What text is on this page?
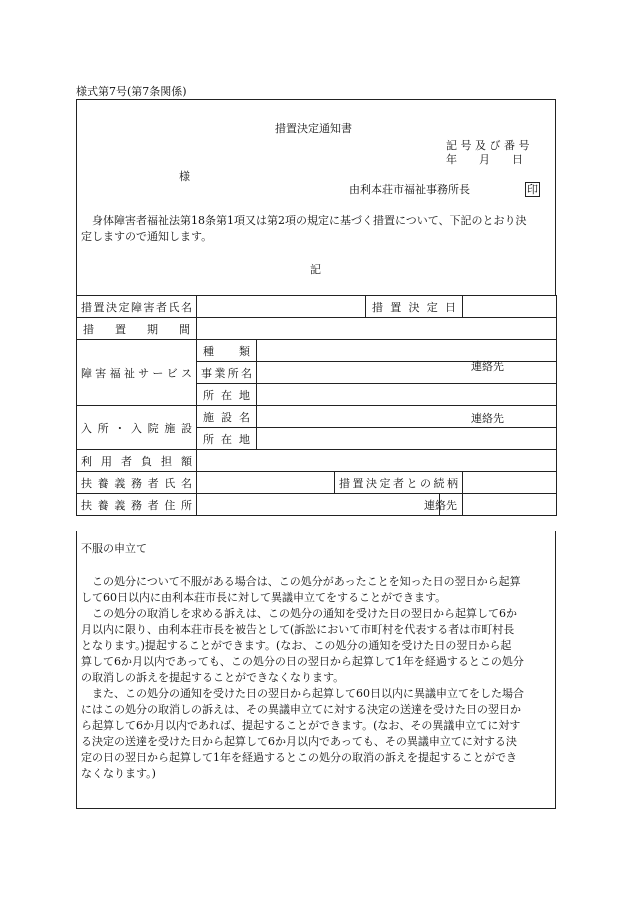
様式第7号(第7条関係)
措置決定通知書
記 号 及 び 番 号
年　　月　　日
様
由利本荘市福祉事務所長	印
　身体障害者福祉法第18条第1項又は第2項の規定に基づく措置について、下記のとおり決
定しますので通知します。
記
措置決定障害者氏名		措 置 決 定 日	
措置期間	
障害福祉サービス	種類	
事業所名	連絡先

所在地	
入所・入院施設	施設名	連絡先

所在地	
利用者負担額	
扶養義務者氏名		措置決定者との続柄	
扶養義務者住所		連絡先	
不服の申立て
　この処分について不服がある場合は、この処分があったことを知った日の翌日から起算
して60日以内に由利本荘市長に対して異議申立てをすることができます。
　この処分の取消しを求める訴えは、この処分の通知を受けた日の翌日から起算して6か
月以内に限り、由利本荘市長を被告として(訴訟において市町村を代表する者は市町村長
となります。)提起することができます。(なお、この処分の通知を受けた日の翌日から起
算して6か月以内であっても、この処分の日の翌日から起算して1年を経過するとこの処分
の取消しの訴えを提起することができなくなります。
　また、この処分の通知を受けた日の翌日から起算して60日以内に異議申立てをした場合
にはこの処分の取消しの訴えは、その異議申立てに対する決定の送達を受けた日の翌日か
ら起算して6か月以内であれば、提起することができます。(なお、その異議申立てに対す
る決定の送達を受けた日から起算して6か月以内であっても、その異議申立てに対する決
定の日の翌日から起算して1年を経過するとこの処分の取消の訴えを提起することができ
なくなります。)
